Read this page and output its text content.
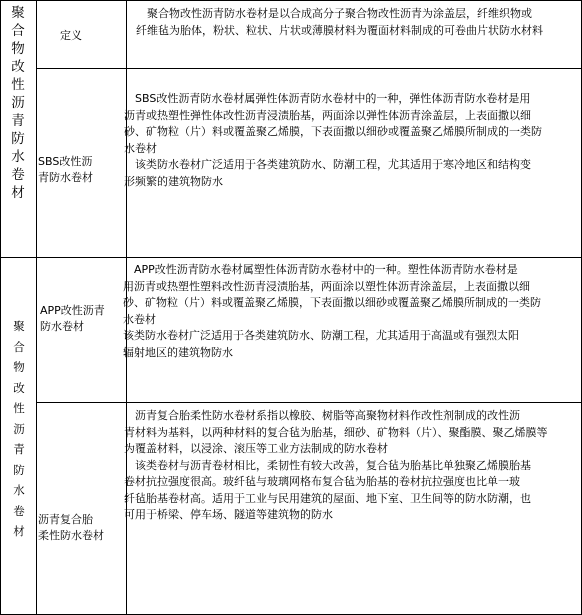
聚
合
物
改
性
沥
青
防
水
卷
材
定义
　聚合物改性沥青防水卷材是以合成高分子聚合物改性沥青为涂盖层，纤维织物或
纤维毡为胎体，粉状、粒状、片状或薄膜材料为覆面材料制成的可卷曲片状防水材料
SBS改性沥
青防水卷材
　SBS改性沥青防水卷材属弹性体沥青防水卷材中的一种，弹性体沥青防水卷材是用
沥青或热塑性弹性体改性沥青浸渍胎基，两面涂以弹性体沥青涂盖层，上表面撒以细
砂、矿物粒（片）料或覆盖聚乙烯膜，下表面撒以细砂或覆盖聚乙烯膜所制成的一类防
水卷材
　该类防水卷材广泛适用于各类建筑防水、防潮工程，尤其适用于寒冷地区和结构变
形频繁的建筑物防水
聚
合
物
改
性
沥
青
防
水
卷
材
APP改性沥青
防水卷材
　APP改性沥青防水卷材属塑性体沥青防水卷材中的一种。塑性体沥青防水卷材是
用沥青或热塑性塑料改性沥青浸渍胎基，两面涂以塑性体沥青涂盖层，上表面撒以细
砂、矿物粒（片）料或覆盖聚乙烯膜，下表面撒以细砂或覆盖聚乙烯膜所制成的一类防
水卷材
该类防水卷材广泛适用于各类建筑防水、防潮工程，尤其适用于高温或有强烈太阳
辐射地区的建筑物防水
沥青复合胎
柔性防水卷材
　沥青复合胎柔性防水卷材系指以橡胶、树脂等高聚物材料作改性剂制成的改性沥
青材料为基料，以两种材料的复合毡为胎基，细砂、矿物料（片）、聚酯膜、聚乙烯膜等
为覆盖材料，以浸涂、滚压等工业方法制成的防水卷材
　该类卷材与沥青卷材相比，柔韧性有较大改善，复合毡为胎基比单独聚乙烯膜胎基
卷材抗拉强度很高。玻纤毡与玻璃网格布复合毡为胎基的卷材抗拉强度也比单一玻
纤毡胎基卷材高。适用于工业与民用建筑的屋面、地下室、卫生间等的防水防潮，也
可用于桥梁、停车场、隧道等建筑物的防水
